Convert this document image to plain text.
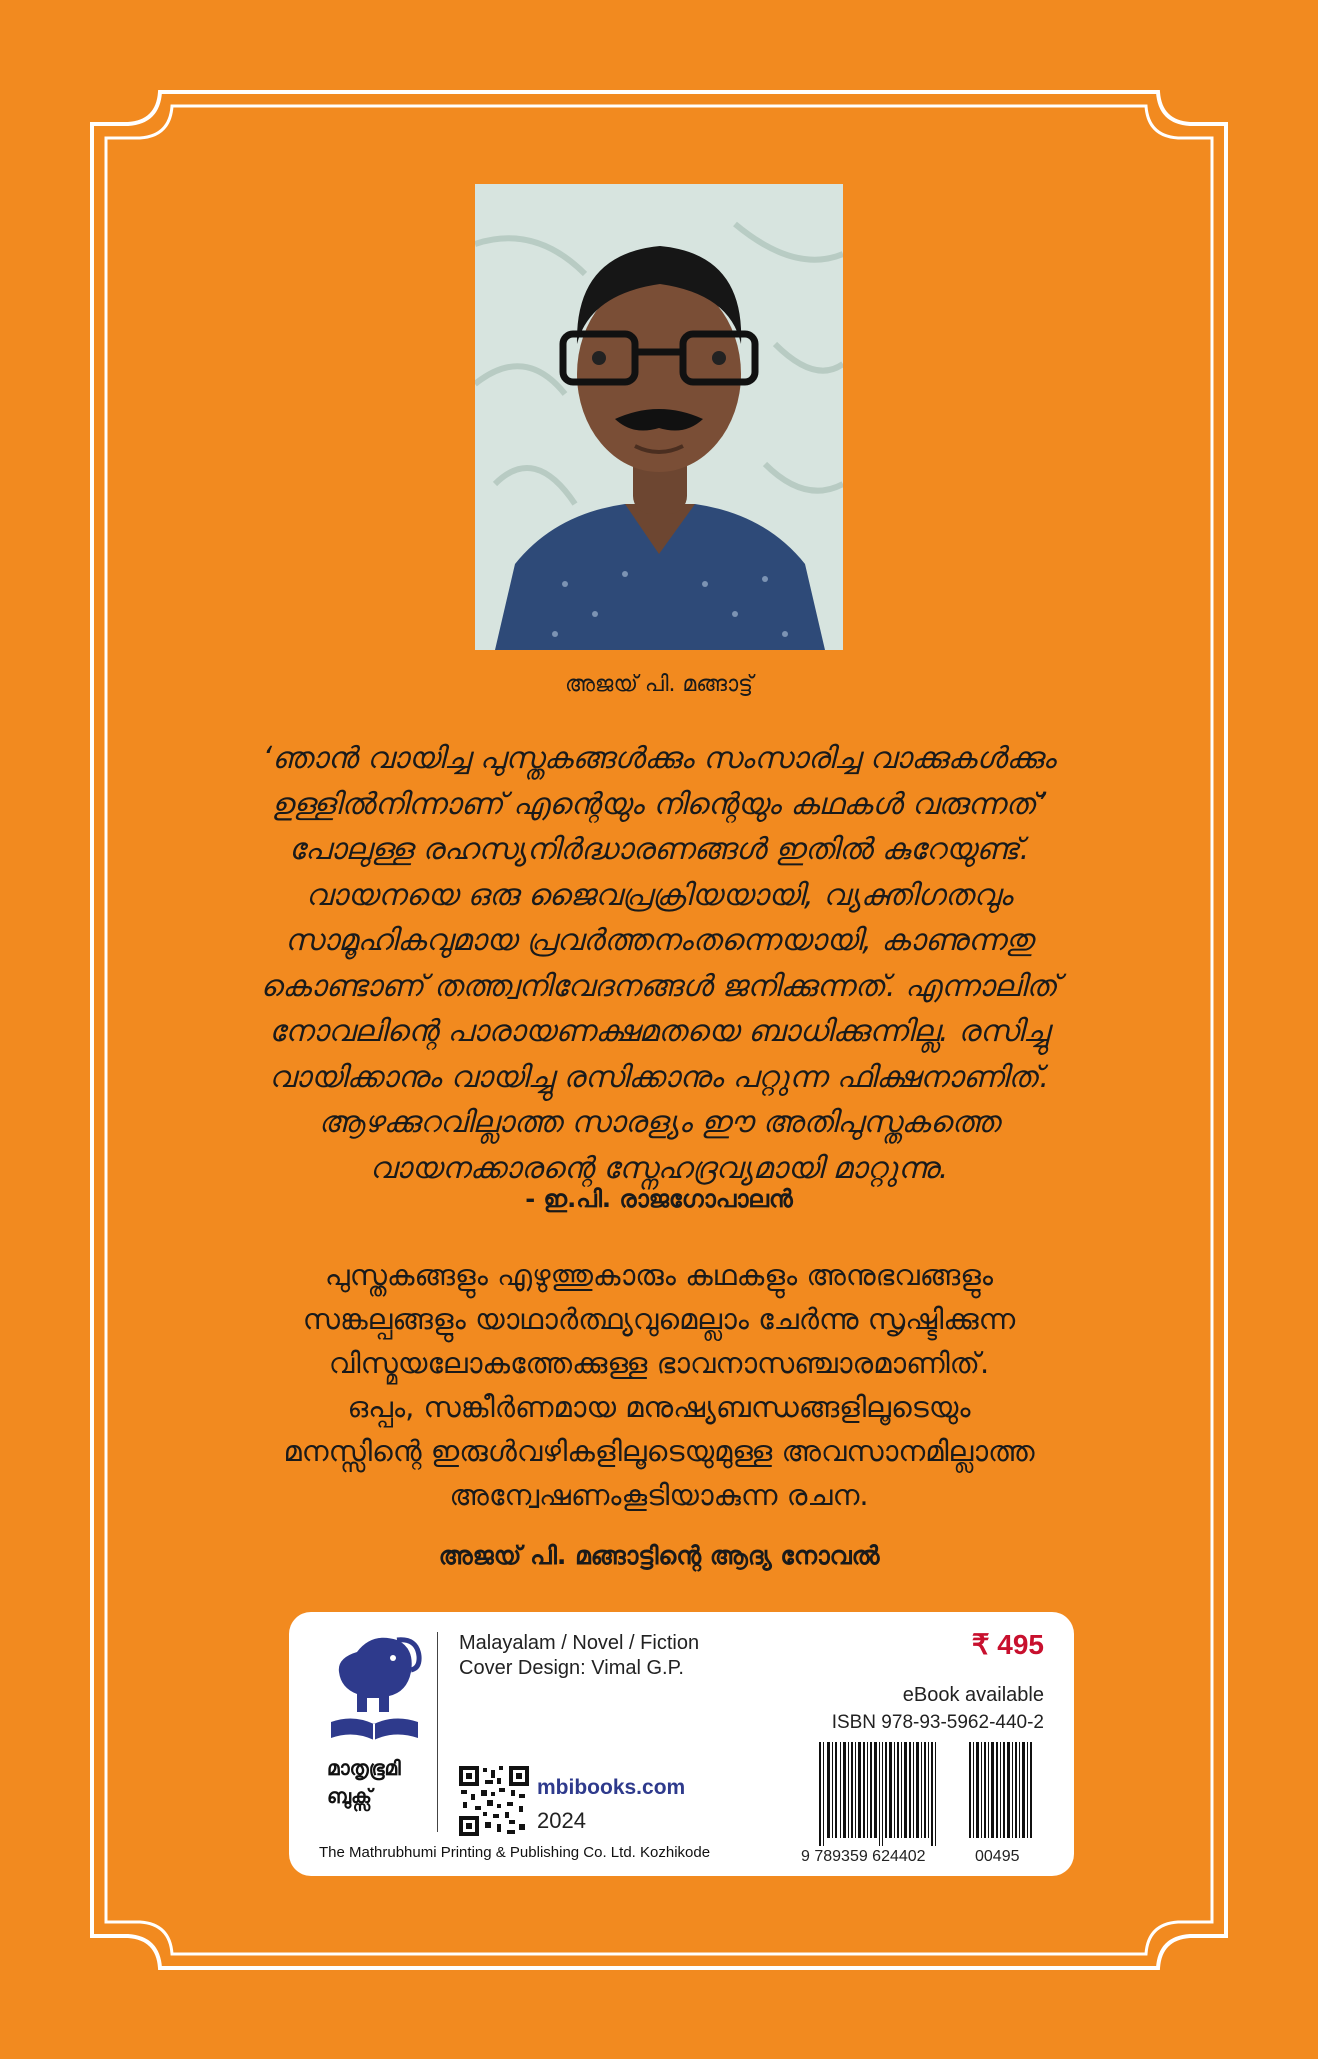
അജയ് പി. മങ്ങാട്ട്
‘ഞാൻ വായിച്ച പുസ്തകങ്ങൾക്കും സംസാരിച്ച വാക്കുകൾക്കും
ഉള്ളിൽനിന്നാണ് എന്റെയും നിന്റെയും കഥകൾ വരുന്നത്’
പോലുള്ള രഹസ്യനിർദ്ധാരണങ്ങൾ ഇതിൽ കുറേയുണ്ട്.
വായനയെ ഒരു ജൈവപ്രക്രിയയായി, വ്യക്തിഗതവും
സാമൂഹികവുമായ പ്രവർത്തനംതന്നെയായി, കാണുന്നതു
കൊണ്ടാണ് തത്ത്വനിവേദനങ്ങൾ ജനിക്കുന്നത്. എന്നാലിത്
നോവലിന്റെ പാരായണക്ഷമതയെ ബാധിക്കുന്നില്ല. രസിച്ചു
വായിക്കാനും വായിച്ചു രസിക്കാനും പറ്റുന്ന ഫിക്ഷനാണിത്.
ആഴക്കുറവില്ലാത്ത സാരള്യം ഈ അതിപുസ്തകത്തെ
വായനക്കാരന്റെ സ്നേഹദ്രവ്യമായി മാറ്റുന്നു.
- ഇ.പി. രാജഗോപാലൻ
പുസ്തകങ്ങളും എഴുത്തുകാരും കഥകളും അനുഭവങ്ങളും
സങ്കല്പങ്ങളും യാഥാർത്ഥ്യവുമെല്ലാം ചേർന്നു സൃഷ്ടിക്കുന്ന
വിസ്മയലോകത്തേക്കുള്ള ഭാവനാസഞ്ചാരമാണിത്.
ഒപ്പം, സങ്കീർണമായ മനുഷ്യബന്ധങ്ങളിലൂടെയും
മനസ്സിന്റെ ഇരുൾവഴികളിലൂടെയുമുള്ള അവസാനമില്ലാത്ത
അന്വേഷണംകൂടിയാകുന്ന രചന.
അജയ് പി. മങ്ങാട്ടിന്റെ ആദ്യ നോവൽ
മാതൃഭൂമി
ബുക്സ്
The Mathrubhumi Printing & Publishing Co. Ltd. Kozhikode
Malayalam / Novel / Fiction
Cover Design: Vimal G.P.
₹ 495
eBook available
ISBN 978-93-5962-440-2
mbibooks.com
2024
9 789359 624402	00495
